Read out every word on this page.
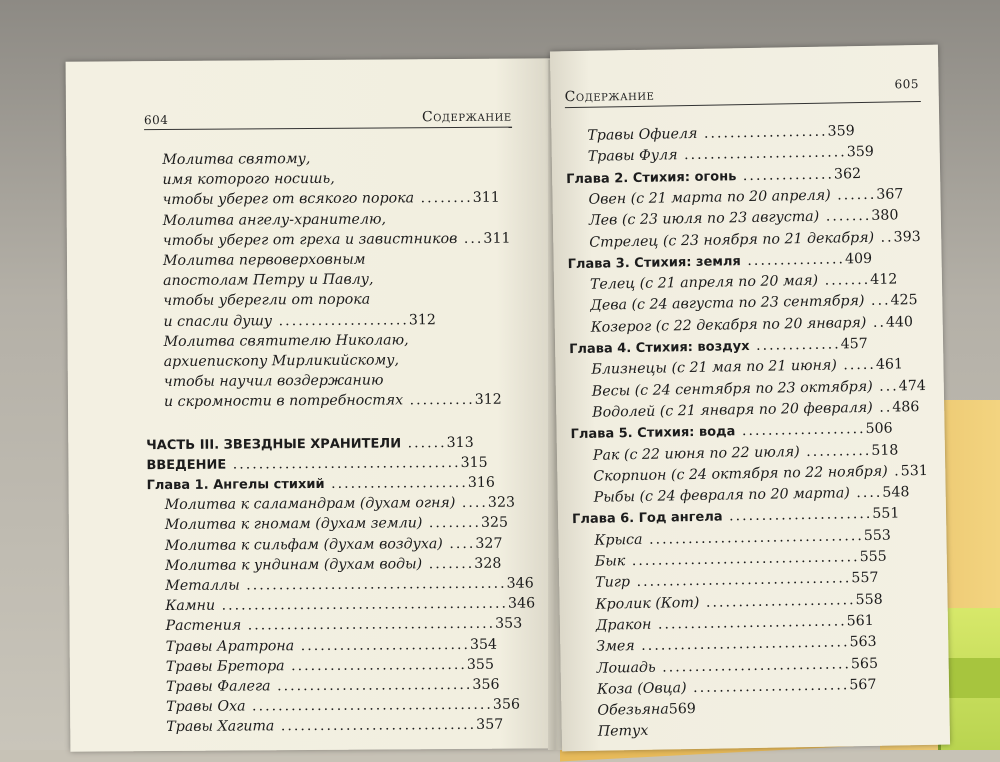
604	Содержание
Молитва святому,
имя которого носишь,
чтобы уберег от всякого порока ........311
Молитва ангелу-хранителю,
чтобы уберег от греха и завистников ...311
Молитва первоверховным
апостолам Петру и Павлу,
чтобы уберегли от порока
и спасли душу ....................312
Молитва святителю Николаю,
архиепископу Мирликийскому,
чтобы научил воздержанию
и скромности в потребностях ..........312
ЧАСТЬ III. ЗВЕЗДНЫЕ ХРАНИТЕЛИ ......313
ВВЕДЕНИЕ ...................................315
Глава 1. Ангелы стихий .....................316
Молитва к саламандрам (духам огня) ....323
Молитва к гномам (духам земли) ........325
Молитва к сильфам (духам воздуха) ....327
Молитва к ундинам (духам воды) .......328
Металлы ........................................346
Камни ............................................346
Растения ......................................353
Травы Аратрона ..........................354
Травы Бретора ...........................355
Травы Фалега ..............................356
Травы Оха .....................................356
Травы Хагита ..............................357
Содержание
605
Травы Офиеля ...................359
Травы Фуля .........................359
Глава 2. Стихия: огонь ..............362
Овен (с 21 марта по 20 апреля) ......367
Лев (с 23 июля по 23 августа) .......380
Стрелец (с 23 ноября по 21 декабря) ..393
Глава 3. Стихия: земля ...............409
Телец (с 21 апреля по 20 мая) .......412
Дева (с 24 августа по 23 сентября) ...425
Козерог (с 22 декабря по 20 января) ..440
Глава 4. Стихия: воздух .............457
Близнецы (с 21 мая по 21 июня) .....461
Весы (с 24 сентября по 23 октября) ...474
Водолей (с 21 января по 20 февраля) ..486
Глава 5. Стихия: вода ...................506
Рак (с 22 июня по 22 июля) ..........518
Скорпион (с 24 октября по 22 ноября) .531
Рыбы (с 24 февраля по 20 марта) ....548
Глава 6. Год ангела ......................551
Крыса .................................553
Бык ...................................555
Тигр .................................557
Кролик (Кот) .......................558
Дракон .............................561
Змея ................................563
Лошадь .............................565
Коза (Овца) ........................567
Обезьяна569
Петух
